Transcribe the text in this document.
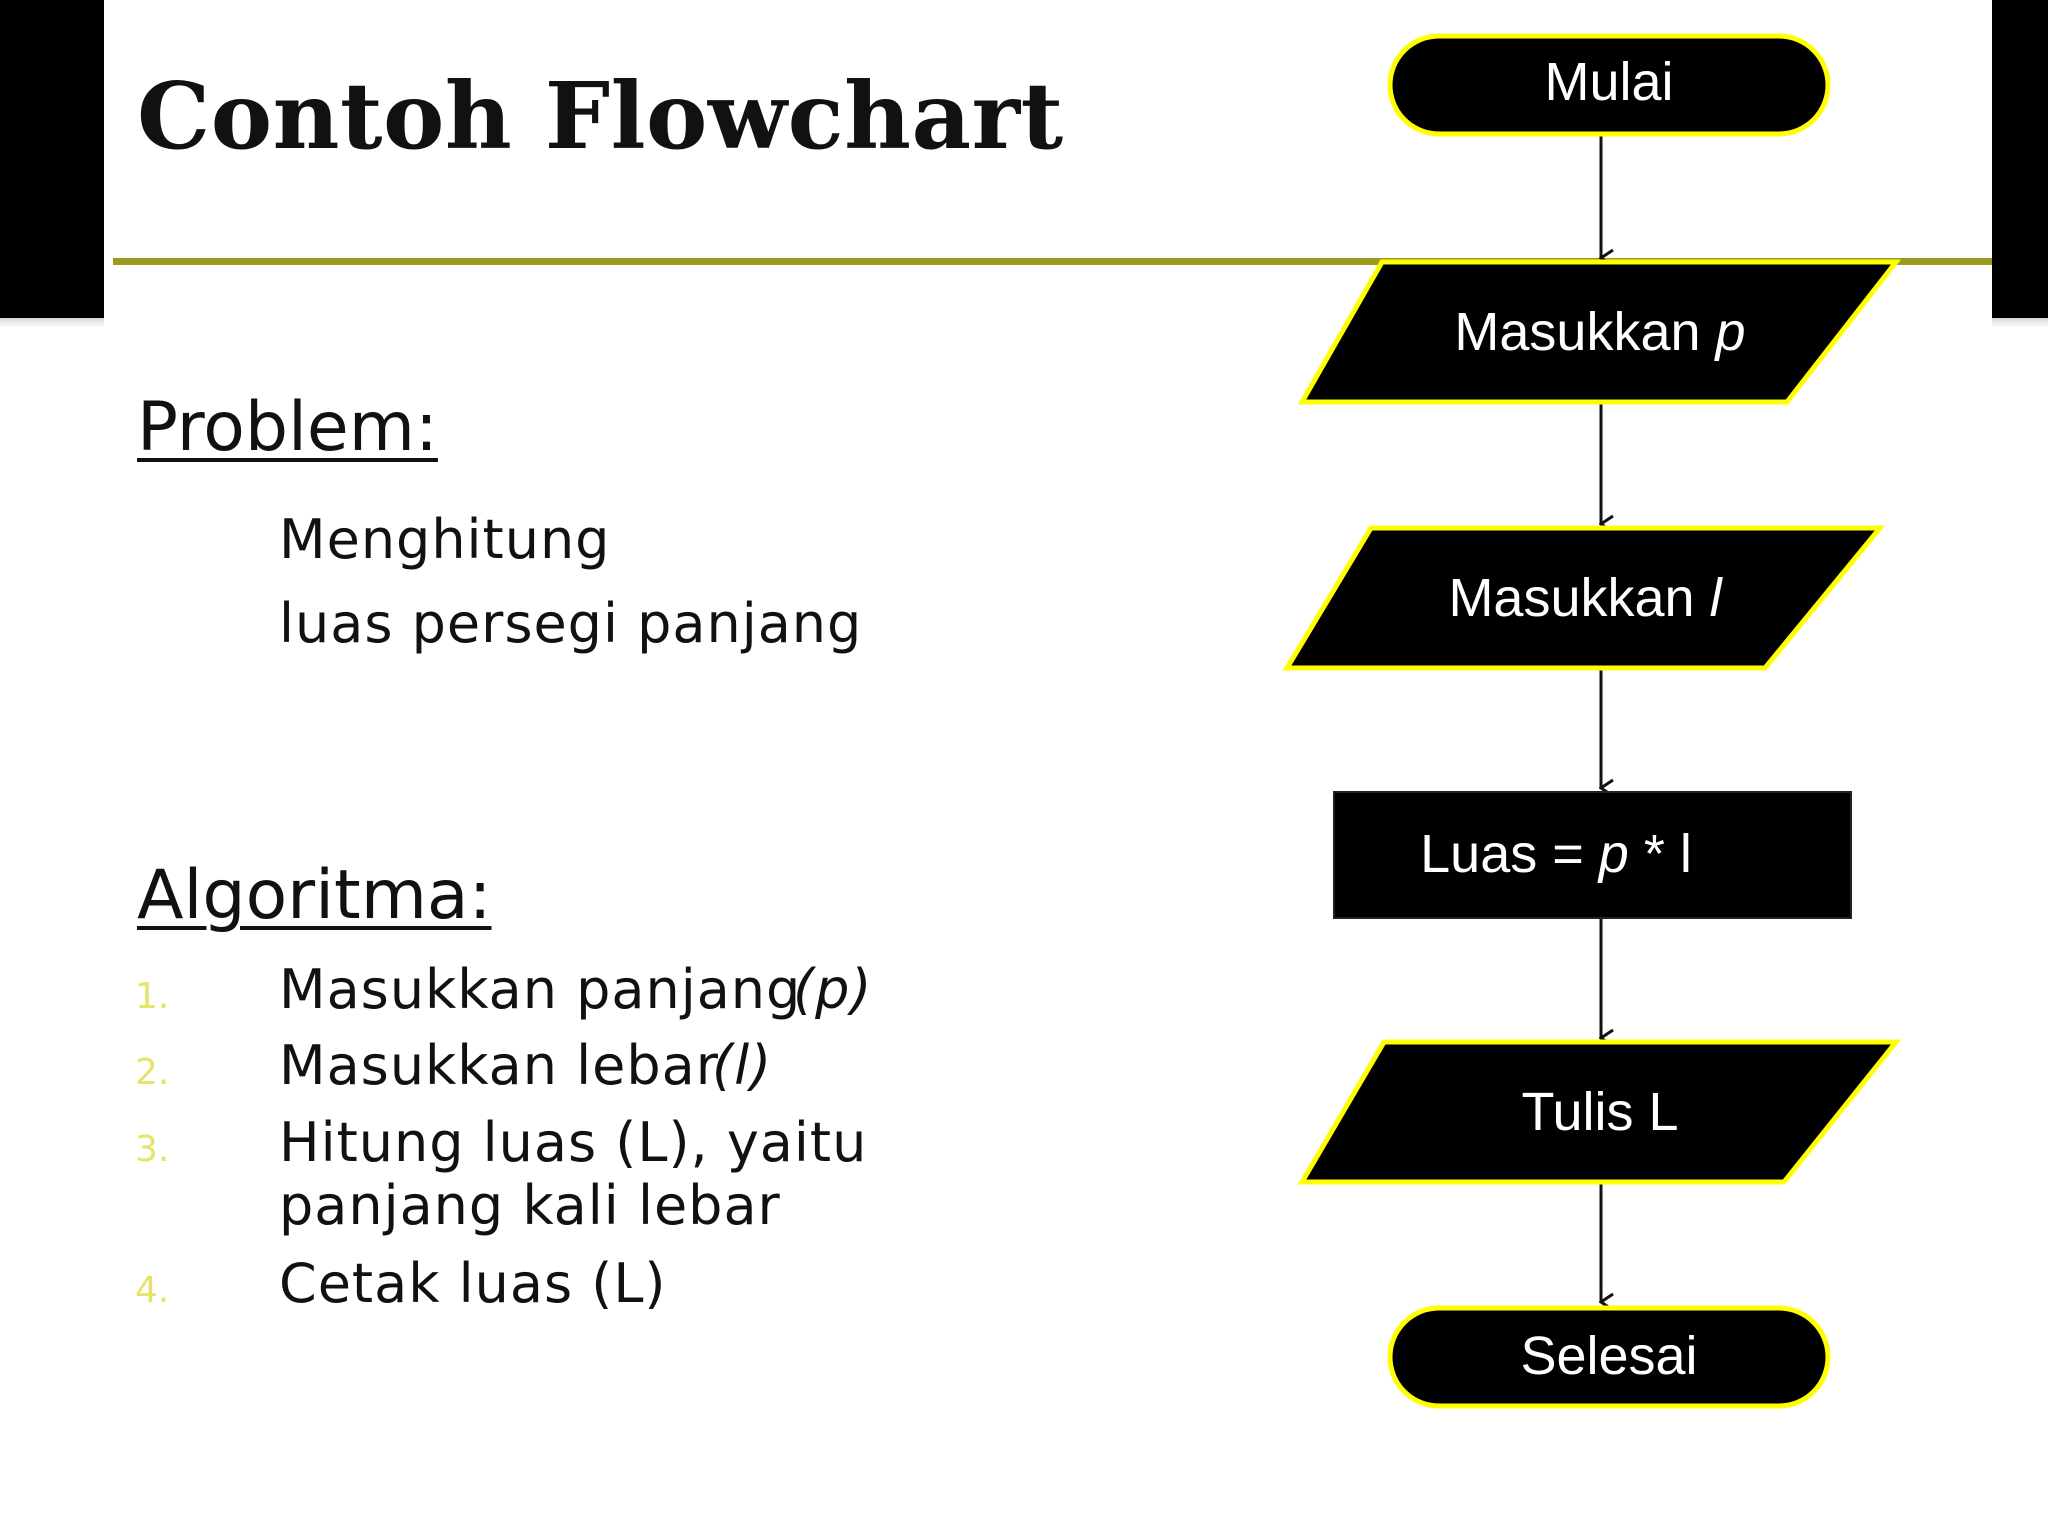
Contoh Flowchart
Problem:
Menghitung
luas persegi panjang
Algoritma:
1. Masukkan panjang
(p)
2. Masukkan lebar
(l)
3. Hitung luas (L), yaitu
panjang kali lebar
4. Cetak luas (L)
Mulai
Masukkan p
Masukkan l
Luas = p * l
Tulis L
Selesai
